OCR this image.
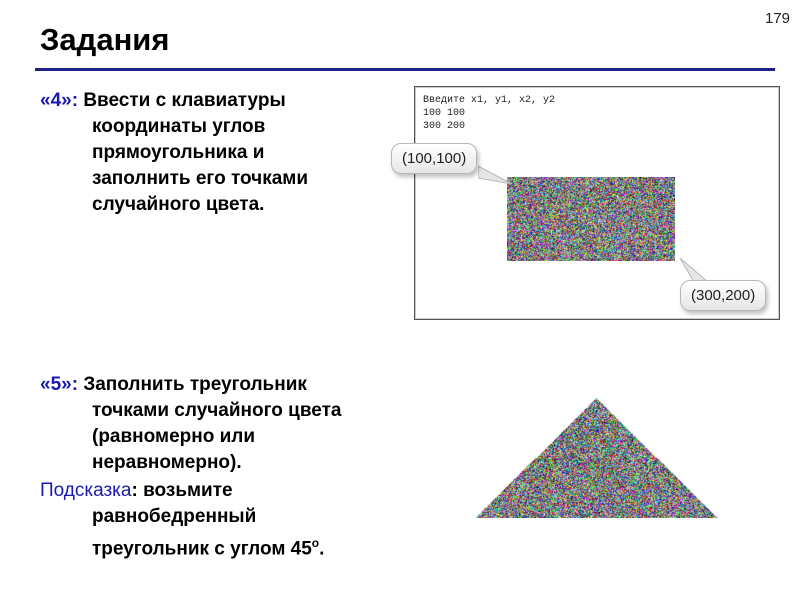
179
Задания
«4»: Ввести с клавиатуры
координаты углов
прямоугольника и
заполнить его точками
случайного цвета.
Введите x1, y1, x2, y2
100 100
300 200
(100,100)
(300,200)
«5»: Заполнить треугольник
точками случайного цвета
(равномерно или
неравномерно).
Подсказка: возьмите
равнобедренный
треугольник с углом $45^о$.
